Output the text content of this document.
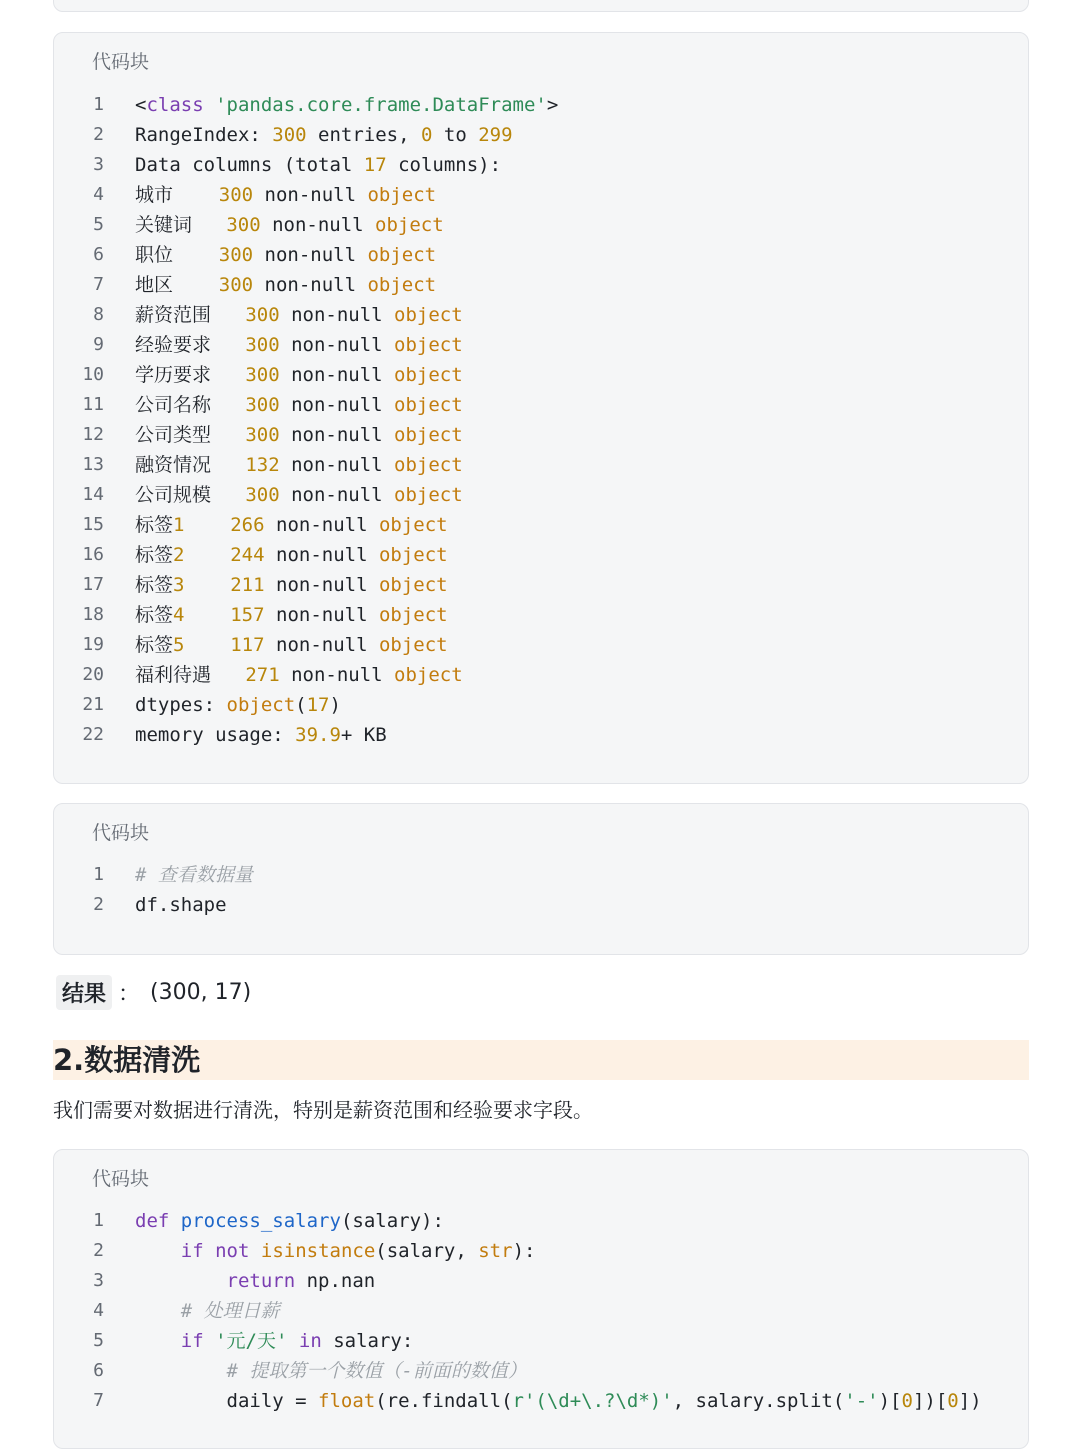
代码块
1 <class 'pandas.core.frame.DataFrame'>
2 RangeIndex: 300 entries, 0 to 299
3 Data columns (total 17 columns):
4 城市    300 non-null object
5 关键词   300 non-null object
6 职位    300 non-null object
7 地区    300 non-null object
8 薪资范围   300 non-null object
9 经验要求   300 non-null object
10 学历要求   300 non-null object
11 公司名称   300 non-null object
12 公司类型   300 non-null object
13 融资情况   132 non-null object
14 公司规模   300 non-null object
15 标签1 266 non-null object
16 标签2 244 non-null object
17 标签3 211 non-null object
18 标签4 157 non-null object
19 标签5 117 non-null object
20 福利待遇   271 non-null object
21 dtypes: object(17)
22 memory usage: 39.9+ KB
代码块
1 # 查看数据量
2 df.shape
结果 ： (300, 17)
2.数据清洗
我们需要对数据进行清洗，特别是薪资范围和经验要求字段。
代码块
1 def process_salary(salary):
2	if not isinstance(salary, str):
3	return np.nan
4	# 处理日薪
5	if '元/天' in salary:
6	# 提取第一个数值（-前面的数值）
7 daily = float(re.findall(r'(\d+\.?\d*)', salary.split('-')[0])[0])
